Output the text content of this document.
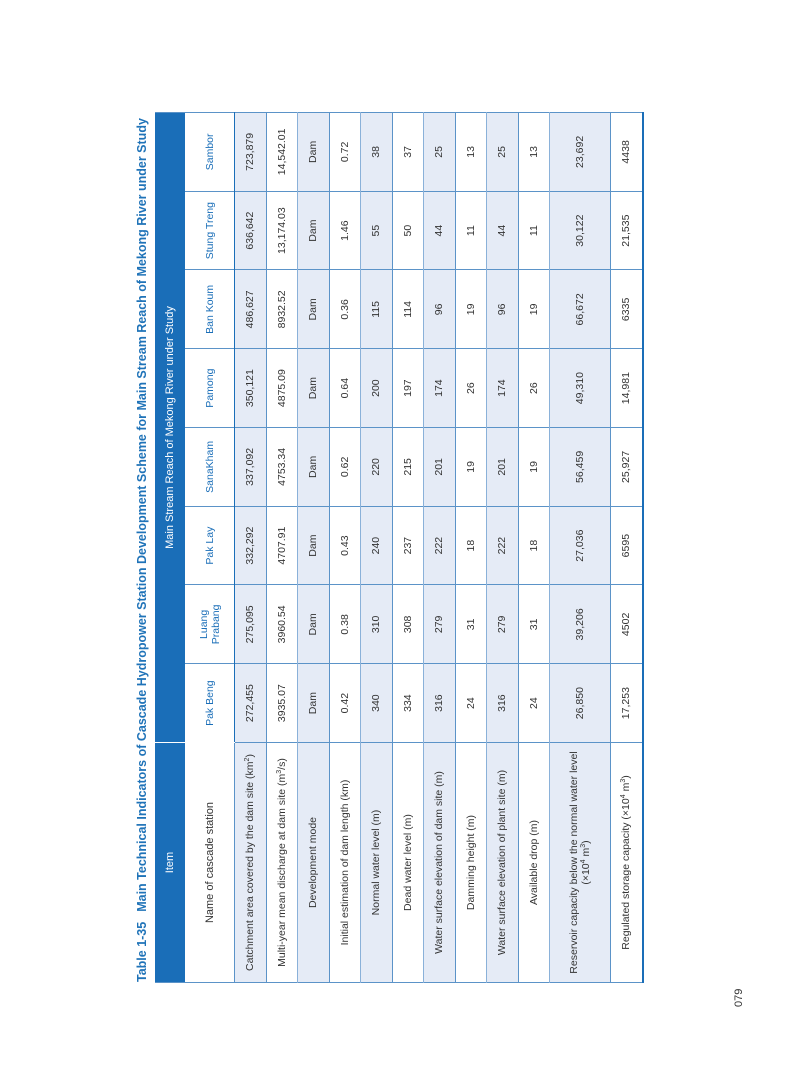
Table 1-35Main Technical Indicators of Cascade Hydropower Station Development Scheme for Main Stream Reach of Mekong River under Study	Item Name of cascade station	Main Stream Reach of Mekong River under Study							
	Pak Beng	Luang Prabang	Pak Lay	SanaKham	Pamong	Ban Koum	Stung Treng	Sambor
Catchment area covered by the dam site $(km^2)$	272,455	275,095	332,292	337,092	350,121	486,627	636,642	723,879
Multi-year mean discharge at dam site $(m^3/s)$	3935.07	3960.54	4707.91	4753.34	4875.09	8932.52	13,174.03	14,542.01
Development mode	Dam	Dam	Dam	Dam	Dam	Dam	Dam	Dam
Initial estimation of dam length (km)	0.42	0.38	0.43	0.62	0.64	0.36	1.46	0.72
Normal water level (m)	340	310	240	220	200	115	55	38
Dead water level (m)	334	308	237	215	197	114	50	37
Water surface elevation of dam site (m)	316	279	222	201	174	96	44	25
Damming height (m)	24	31	18	19	26	19	11	13
Water surface elevation of plant site (m)	316	279	222	201	174	96	44	25
Available drop (m)	24	31	18	19	26	19	11	13
Reservoir capacity below the normal water level ($\times 10^4$ $m^3$)	26,850	39,206	27,036	56,459	49,310	66,672	30,122	23,692
Regulated storage capacity ($\times 10^4$ $m^3$)	17,253	4502	6595	25,927	14,981	6335	21,535	4438
079
